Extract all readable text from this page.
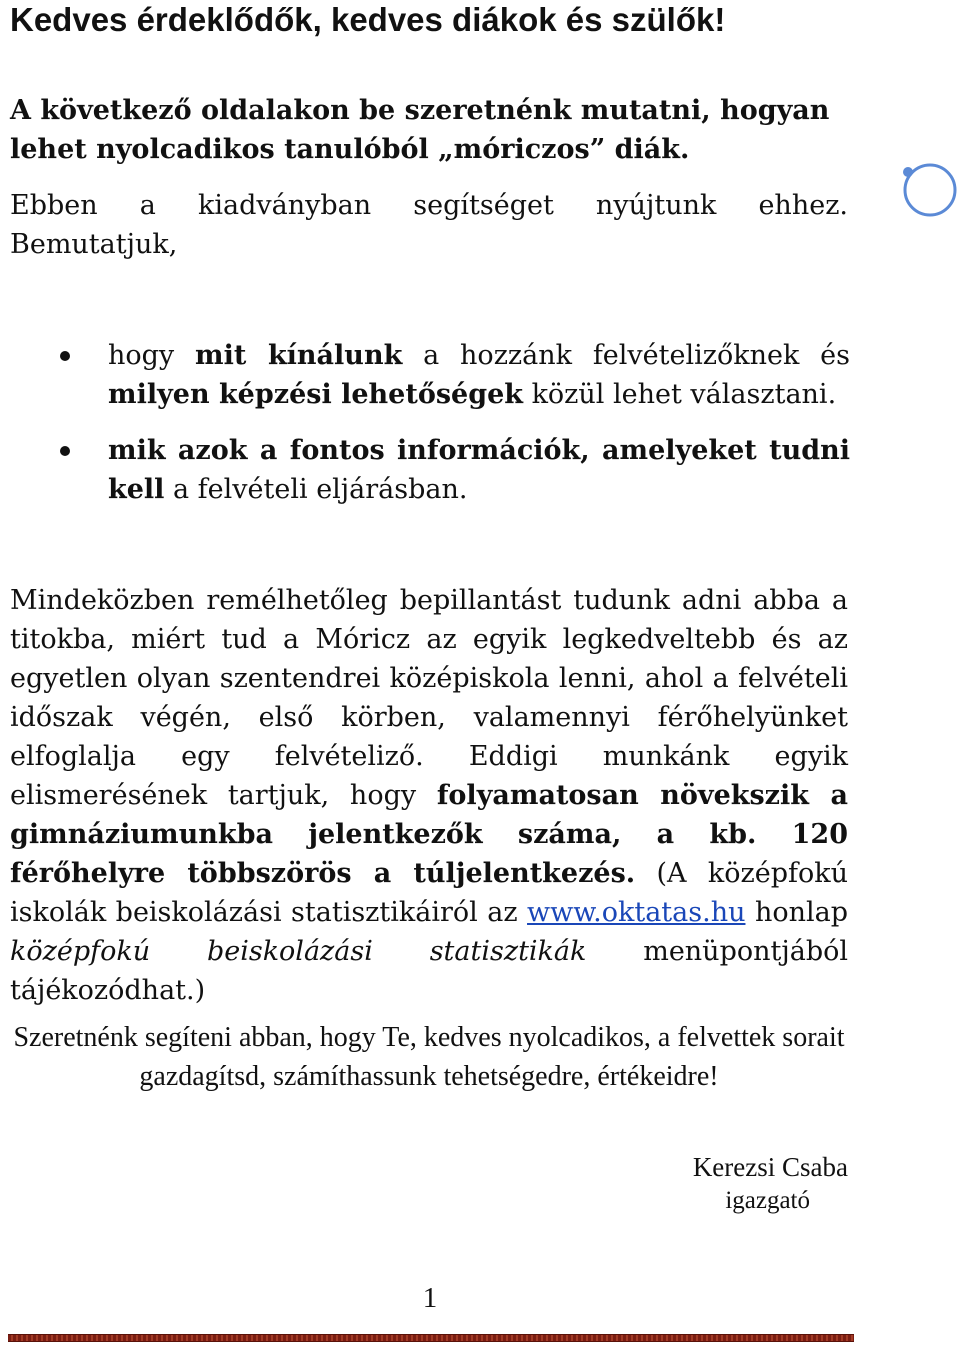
Kedves érdeklődők, kedves diákok és szülők!

A következő oldalakon be szeretnénk mutatni, hogyan lehet nyolcadikos tanulóból „móriczos” diák.

Ebben a kiadványban segítséget nyújtunk ehhez. Bemutatjuk,

hogy mit kínálunk a hozzánk felvételizőknek és milyen képzési lehetőségek közül lehet választani.
mik azok a fontos információk, amelyeket tudni kell a felvételi eljárásban.

Mindeközben remélhetőleg bepillantást tudunk adni abba a titokba, miért tud a Móricz az egyik legkedveltebb és az egyetlen olyan szentendrei középiskola lenni, ahol a felvételi időszak végén, első körben, valamennyi férőhelyünket elfoglalja egy felvételiző. Eddigi munkánk egyik elismerésének tartjuk, hogy folyamatosan növekszik a gimnáziumunkba jelentkezők száma, a kb. 120 férőhelyre többszörös a túljelentkezés. (A középfokú iskolák beiskolázási statisztikáiról az www.oktatas.hu honlap középfokú beiskolázási statisztikák menüpontjából tájékozódhat.)

Szeretnénk segíteni abban, hogy Te, kedves nyolcadikos, a felvettek sorait gazdagítsd, számíthassunk tehetségedre, értékeidre!

Kerezsi Csaba
igazgató
1
